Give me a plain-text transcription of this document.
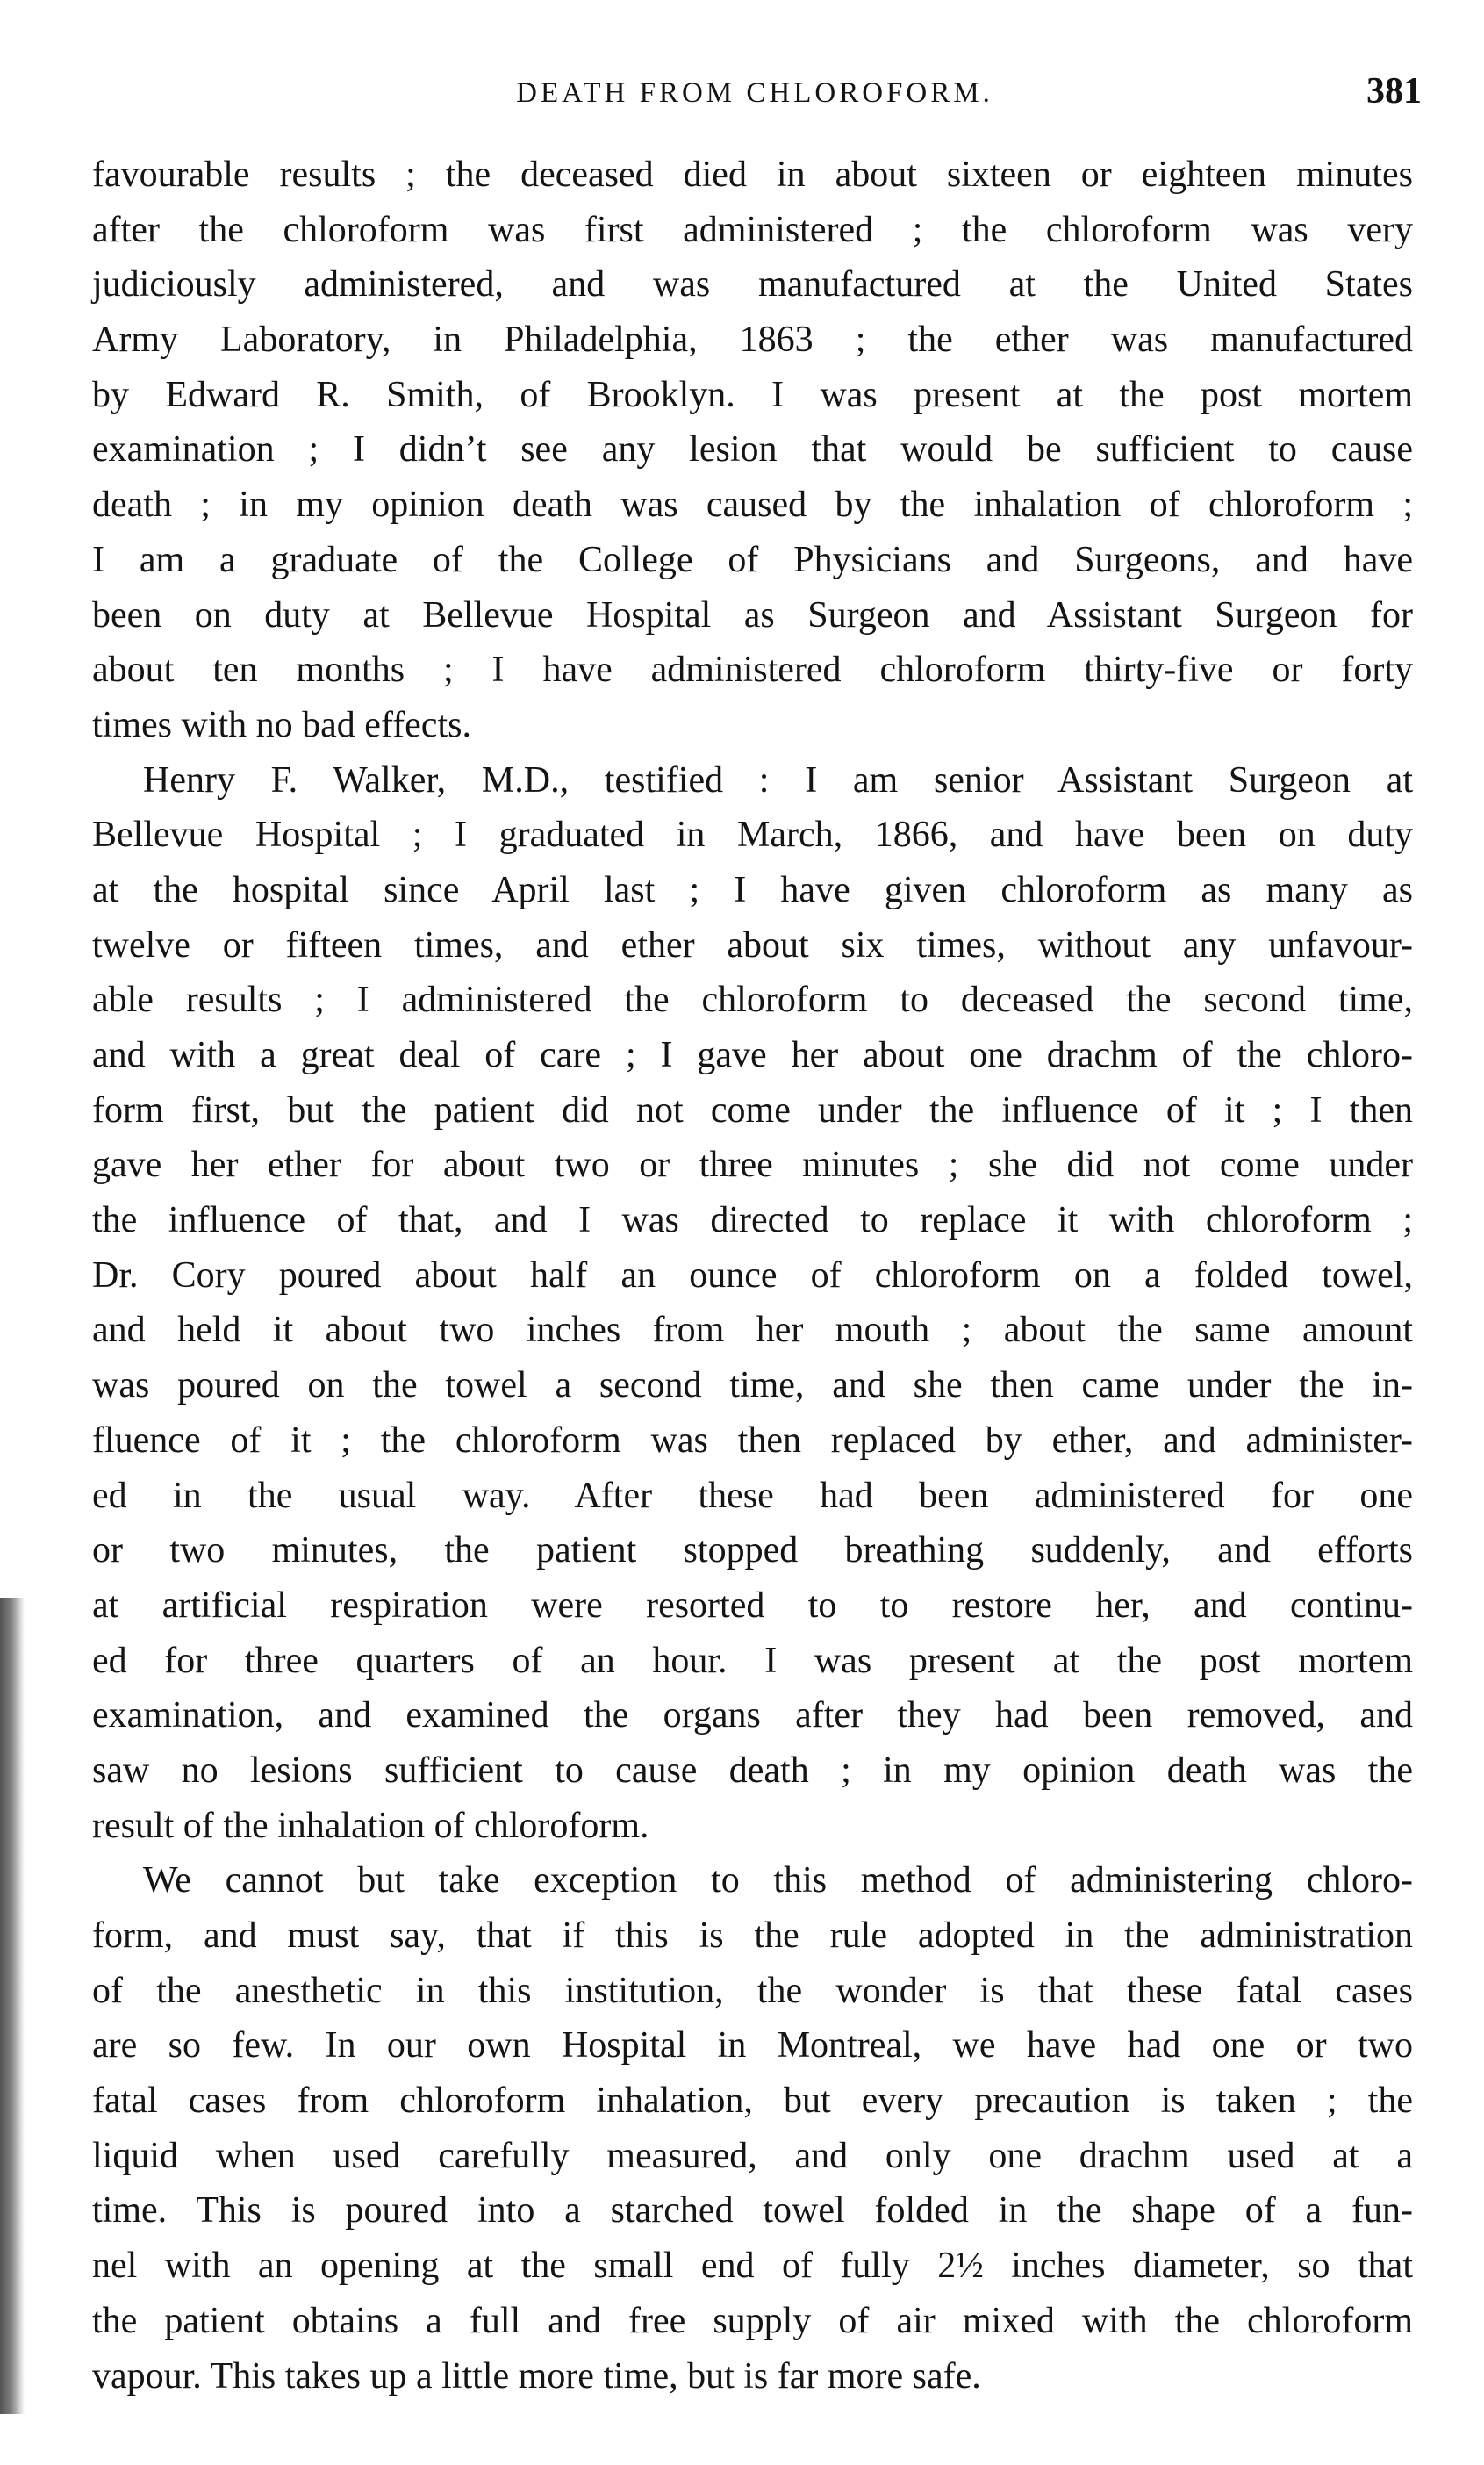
DEATH FROM CHLOROFORM.	381
favourable results ; the deceased died in about sixteen or eighteen minutes
after the chloroform was first administered ; the chloroform was very
judiciously administered, and was manufactured at the United States
Army Laboratory, in Philadelphia, 1863 ; the ether was manufactured
by Edward R. Smith, of Brooklyn. I was present at the post mortem
examination ; I didn’t see any lesion that would be sufficient to cause
death ; in my opinion death was caused by the inhalation of chloroform ;
I am a graduate of the College of Physicians and Surgeons, and have
been on duty at Bellevue Hospital as Surgeon and Assistant Surgeon for
about ten months ; I have administered chloroform thirty-five or forty
times with no bad effects.
Henry F. Walker, M.D., testified : I am senior Assistant Surgeon at
Bellevue Hospital ; I graduated in March, 1866, and have been on duty
at the hospital since April last ; I have given chloroform as many as
twelve or fifteen times, and ether about six times, without any unfavour-
able results ; I administered the chloroform to deceased the second time,
and with a great deal of care ; I gave her about one drachm of the chloro-
form first, but the patient did not come under the influence of it ; I then
gave her ether for about two or three minutes ; she did not come under
the influence of that, and I was directed to replace it with chloroform ;
Dr. Cory poured about half an ounce of chloroform on a folded towel,
and held it about two inches from her mouth ; about the same amount
was poured on the towel a second time, and she then came under the in-
fluence of it ; the chloroform was then replaced by ether, and administer-
ed in the usual way. After these had been administered for one
or two minutes, the patient stopped breathing suddenly, and efforts
at artificial respiration were resorted to to restore her, and continu-
ed for three quarters of an hour. I was present at the post mortem
examination, and examined the organs after they had been removed, and
saw no lesions sufficient to cause death ; in my opinion death was the
result of the inhalation of chloroform.
We cannot but take exception to this method of administering chloro-
form, and must say, that if this is the rule adopted in the administration
of the anesthetic in this institution, the wonder is that these fatal cases
are so few. In our own Hospital in Montreal, we have had one or two
fatal cases from chloroform inhalation, but every precaution is taken ; the
liquid when used carefully measured, and only one drachm used at a
time. This is poured into a starched towel folded in the shape of a fun-
nel with an opening at the small end of fully 2½ inches diameter, so that
the patient obtains a full and free supply of air mixed with the chloroform
vapour. This takes up a little more time, but is far more safe.
